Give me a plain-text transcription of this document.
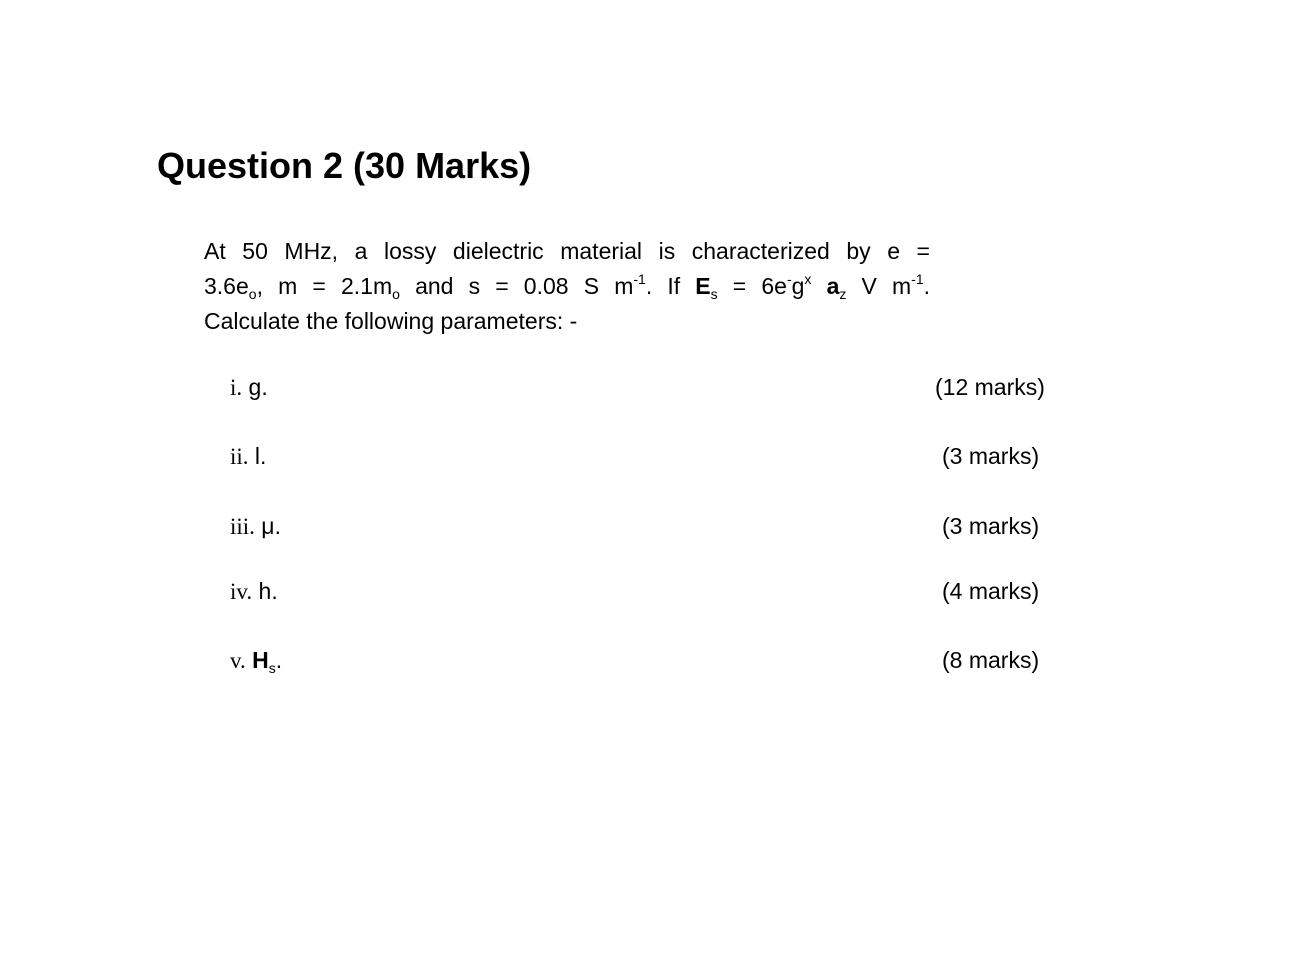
Question 2 (30 Marks)
At 50 MHz, a lossy dielectric material is characterized by e =
$3.6e_o$, $m = 2.1m_o$ and s = 0.08 S $m^{-1}$. If $E_s = 6e^-g^x$ $a_z$ V $m^{-1}$.
Calculate the following parameters: -
i. g.	(12 marks)
ii. l.	(3 marks)
iii. μ.	(3 marks)
iv. h.	(4 marks)
v. $H_s$.	(8 marks)
